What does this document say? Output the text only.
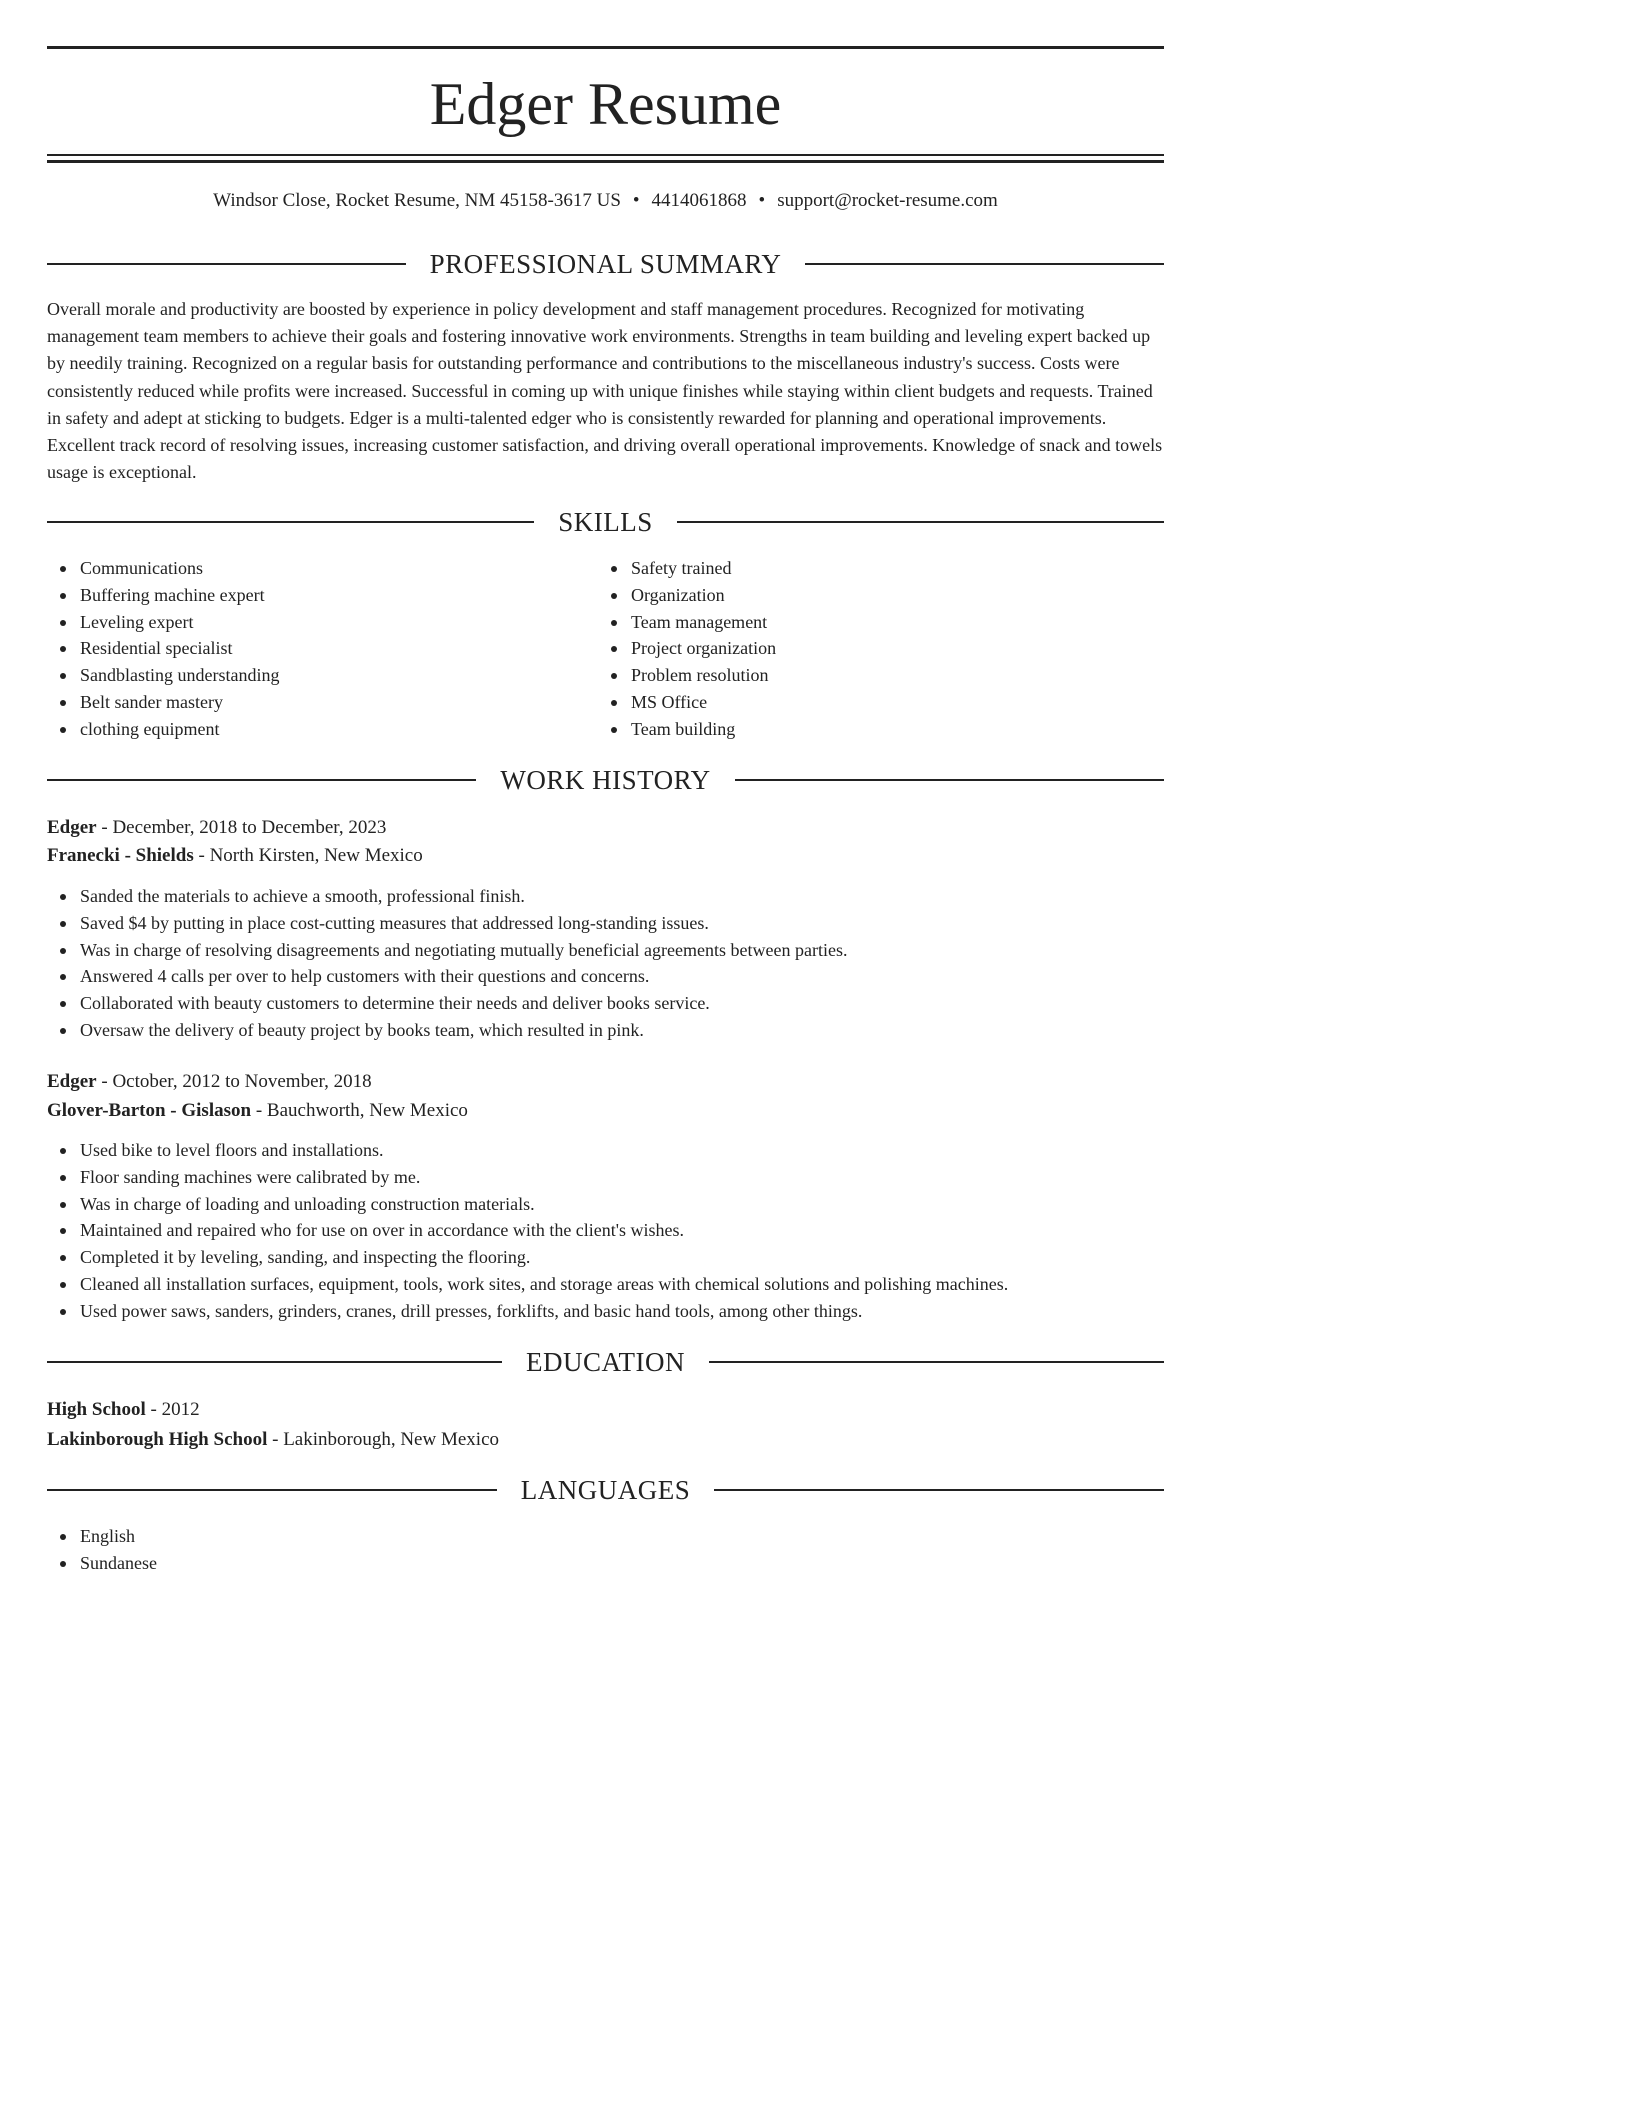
Edger Resume
Windsor Close, Rocket Resume, NM 45158-3617 US • 4414061868 • support@rocket-resume.com
PROFESSIONAL SUMMARY

Overall morale and productivity are boosted by experience in policy development and staff management procedures. Recognized for motivating management team members to achieve their goals and fostering innovative work environments. Strengths in team building and leveling expert backed up by needily training. Recognized on a regular basis for outstanding performance and contributions to the miscellaneous industry's success. Costs were consistently reduced while profits were increased. Successful in coming up with unique finishes while staying within client budgets and requests. Trained in safety and adept at sticking to budgets. Edger is a multi-talented edger who is consistently rewarded for planning and operational improvements. Excellent track record of resolving issues, increasing customer satisfaction, and driving overall operational improvements. Knowledge of snack and towels usage is exceptional.

SKILLS
Communications
Buffering machine expert
Leveling expert
Residential specialist
Sandblasting understanding
Belt sander mastery
clothing equipment
Safety trained
Organization
Team management
Project organization
Problem resolution
MS Office
Team building
WORK HISTORY
Edger - December, 2018 to December, 2023
Franecki - Shields - North Kirsten, New Mexico
Sanded the materials to achieve a smooth, professional finish.
Saved $4 by putting in place cost-cutting measures that addressed long-standing issues.
Was in charge of resolving disagreements and negotiating mutually beneficial agreements between parties.
Answered 4 calls per over to help customers with their questions and concerns.
Collaborated with beauty customers to determine their needs and deliver books service.
Oversaw the delivery of beauty project by books team, which resulted in pink.
Edger - October, 2012 to November, 2018
Glover-Barton - Gislason - Bauchworth, New Mexico
Used bike to level floors and installations.
Floor sanding machines were calibrated by me.
Was in charge of loading and unloading construction materials.
Maintained and repaired who for use on over in accordance with the client's wishes.
Completed it by leveling, sanding, and inspecting the flooring.
Cleaned all installation surfaces, equipment, tools, work sites, and storage areas with chemical solutions and polishing machines.
Used power saws, sanders, grinders, cranes, drill presses, forklifts, and basic hand tools, among other things.
EDUCATION
High School - 2012
Lakinborough High School - Lakinborough, New Mexico
LANGUAGES
English
Sundanese
